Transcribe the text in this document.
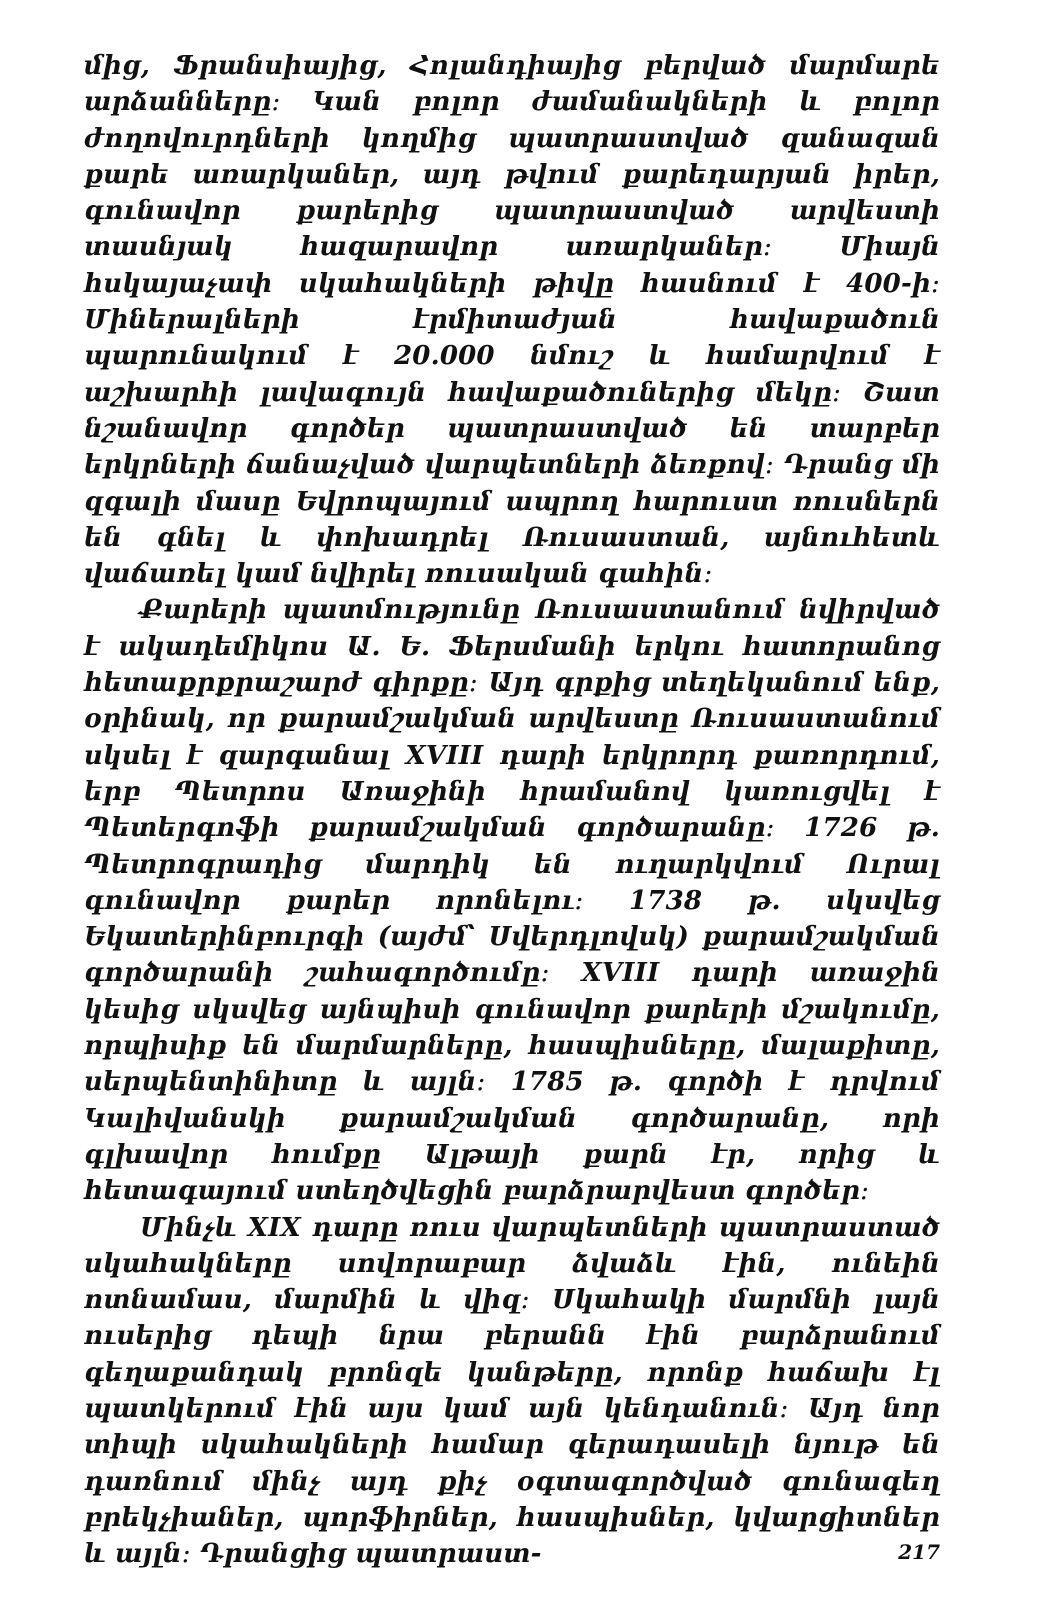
մից, Ֆրանսիայից, Հոլանդիայից բերված մարմարե արձանները։ Կան բոլոր ժամանակների և բոլոր ժողովուրդների կողմից պատրաստված զանազան քարե առարկաներ, այդ թվում քարեդարյան իրեր, գունավոր քարերից պատրաստված արվեստի տասնյակ հազարավոր առարկաներ։ Միայն հսկայաչափ սկահակների թիվը հասնում է 400-ի։ Միներալների էրմիտաժյան հավաքածուն պարունակում է 20.000 նմուշ և համարվում է աշխարհի լավագույն հավաքածուներից մեկը։ Շատ նշանավոր գործեր պատրաստված են տարբեր երկրների ճանաչված վարպետների ձեռքով։ Դրանց մի զգալի մասը Եվրոպայում ապրող հարուստ ռուսներն են գնել և փոխադրել Ռուսաստան, այնուհետև վաճառել կամ նվիրել ռուսական գահին։

Քարերի պատմությունը Ռուսաստանում նվիրված է ակադեմիկոս Ա. Ե. Ֆերսմանի երկու հատորանոց հետաքրքրաշարժ գիրքը։ Այդ գրքից տեղեկանում ենք, օրինակ, որ քարամշակման արվեստը Ռուսաստանում սկսել է զարգանալ XVIII դարի երկրորդ քառորդում, երբ Պետրոս Առաջինի հրամանով կառուցվել է Պետերգոֆի քարամշակման գործարանը։ 1726 թ. Պետրոգրադից մարդիկ են ուղարկվում Ուրալ գունավոր քարեր որոնելու։ 1738 թ. սկսվեց Եկատերինբուրգի (այժմ՝ Սվերդլովսկ) քարամշակման գործարանի շահագործումը։ XVIII դարի առաջին կեսից սկսվեց այնպիսի գունավոր քարերի մշակումը, որպիսիք են մարմարները, հասպիսները, մալաքիտը, սերպենտինիտը և այլն։ 1785 թ. գործի է դրվում Կալիվանսկի քարամշակման գործարանը, որի գլխավոր հումքը Ալթայի քարն էր, որից և հետագայում ստեղծվեցին բարձրարվեստ գործեր։

Մինչև XIX դարը ռուս վարպետների պատրաստած սկահակները սովորաբար ձվաձև էին, ունեին ոտնամաս, մարմին և վիզ։ Սկահակի մարմնի լայն ուսերից դեպի նրա բերանն էին բարձրանում գեղաքանդակ բրոնզե կանթերը, որոնք հաճախ էլ պատկերում էին այս կամ այն կենդանուն։ Այդ նոր տիպի սկահակների համար գերադասելի նյութ են դառնում մինչ այդ քիչ օգտագործված գունագեղ բրեկչիաներ, պորֆիրներ, հասպիսներ, կվարցիտներ և այլն։ Դրանցից պատրաստ-	217
